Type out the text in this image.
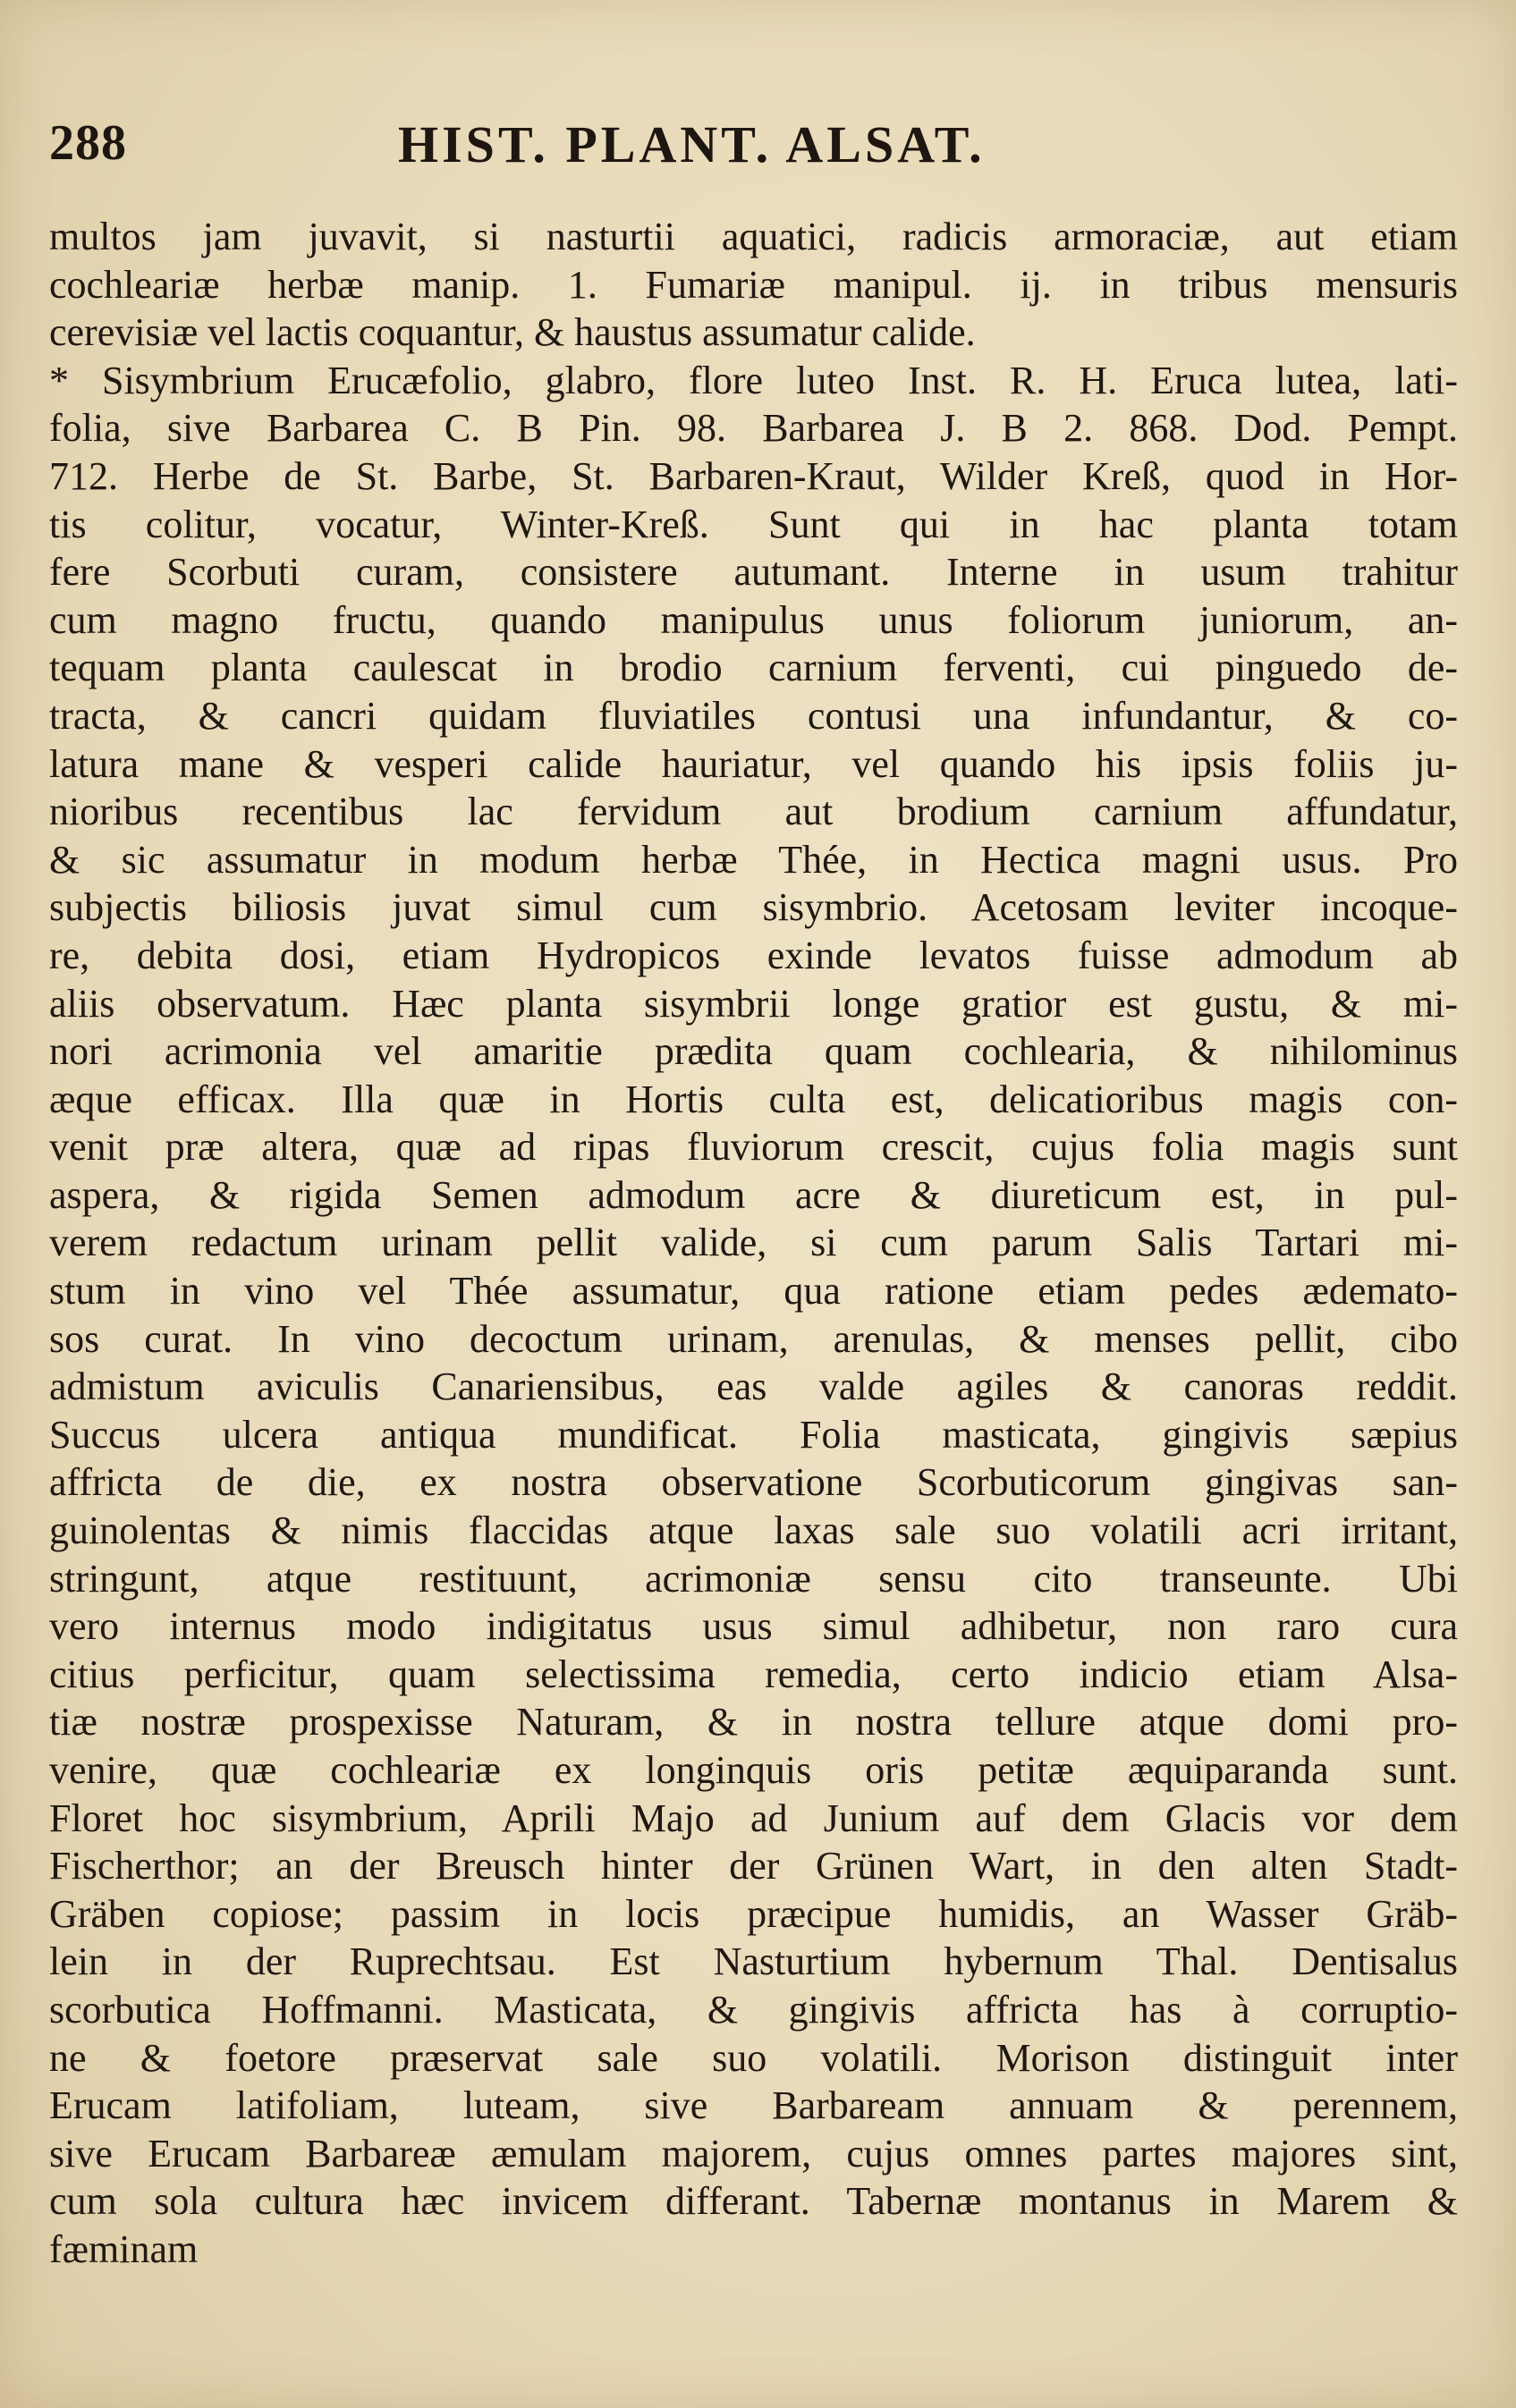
288	HIST. PLANT. ALSAT.
multos jam juvavit, si nasturtii aquatici, radicis armoraciæ, aut etiam
cochleariæ herbæ manip. 1. Fumariæ manipul. ij. in tribus mensuris
cerevisiæ vel lactis coquantur, & haustus assumatur calide.
* Sisymbrium Erucæfolio, glabro, flore luteo Inst. R. H. Eruca lutea, lati-
folia, sive Barbarea C. B Pin. 98. Barbarea J. B 2. 868. Dod. Pempt.
712. Herbe de St. Barbe, St. Barbaren-Kraut, Wilder Kreß, quod in Hor-
tis colitur, vocatur, Winter-Kreß. Sunt qui in hac planta totam
fere Scorbuti curam, consistere autumant. Interne in usum trahitur
cum magno fructu, quando manipulus unus foliorum juniorum, an-
tequam planta caulescat in brodio carnium ferventi, cui pinguedo de-
tracta, & cancri quidam fluviatiles contusi una infundantur, & co-
latura mane & vesperi calide hauriatur, vel quando his ipsis foliis ju-
nioribus recentibus lac fervidum aut brodium carnium affundatur,
& sic assumatur in modum herbæ Thée, in Hectica magni usus. Pro
subjectis biliosis juvat simul cum sisymbrio. Acetosam leviter incoque-
re, debita dosi, etiam Hydropicos exinde levatos fuisse admodum ab
aliis observatum. Hæc planta sisymbrii longe gratior est gustu, & mi-
nori acrimonia vel amaritie prædita quam cochlearia, & nihilominus
æque efficax. Illa quæ in Hortis culta est, delicatioribus magis con-
venit præ altera, quæ ad ripas fluviorum crescit, cujus folia magis sunt
aspera, & rigida Semen admodum acre & diureticum est, in pul-
verem redactum urinam pellit valide, si cum parum Salis Tartari mi-
stum in vino vel Thée assumatur, qua ratione etiam pedes ædemato-
sos curat. In vino decoctum urinam, arenulas, & menses pellit, cibo
admistum aviculis Canariensibus, eas valde agiles & canoras reddit.
Succus ulcera antiqua mundificat. Folia masticata, gingivis sæpius
affricta de die, ex nostra observatione Scorbuticorum gingivas san-
guinolentas & nimis flaccidas atque laxas sale suo volatili acri irritant,
stringunt, atque restituunt, acrimoniæ sensu cito transeunte. Ubi
vero internus modo indigitatus usus simul adhibetur, non raro cura
citius perficitur, quam selectissima remedia, certo indicio etiam Alsa-
tiæ nostræ prospexisse Naturam, & in nostra tellure atque domi pro-
venire, quæ cochleariæ ex longinquis oris petitæ æquiparanda sunt.
Floret hoc sisymbrium, Aprili Majo ad Junium auf dem Glacis vor dem
Fischerthor; an der Breusch hinter der Grünen Wart, in den alten Stadt-
Gräben copiose; passim in locis præcipue humidis, an Wasser Gräb-
lein in der Ruprechtsau. Est Nasturtium hybernum Thal. Dentisalus
scorbutica Hoffmanni. Masticata, & gingivis affricta has à corruptio-
ne & foetore præservat sale suo volatili. Morison distinguit inter
Erucam latifoliam, luteam, sive Barbaream annuam & perennem,
sive Erucam Barbareæ æmulam majorem, cujus omnes partes majores sint,
cum sola cultura hæc invicem differant. Tabernæ montanus in Marem &
fæminam
